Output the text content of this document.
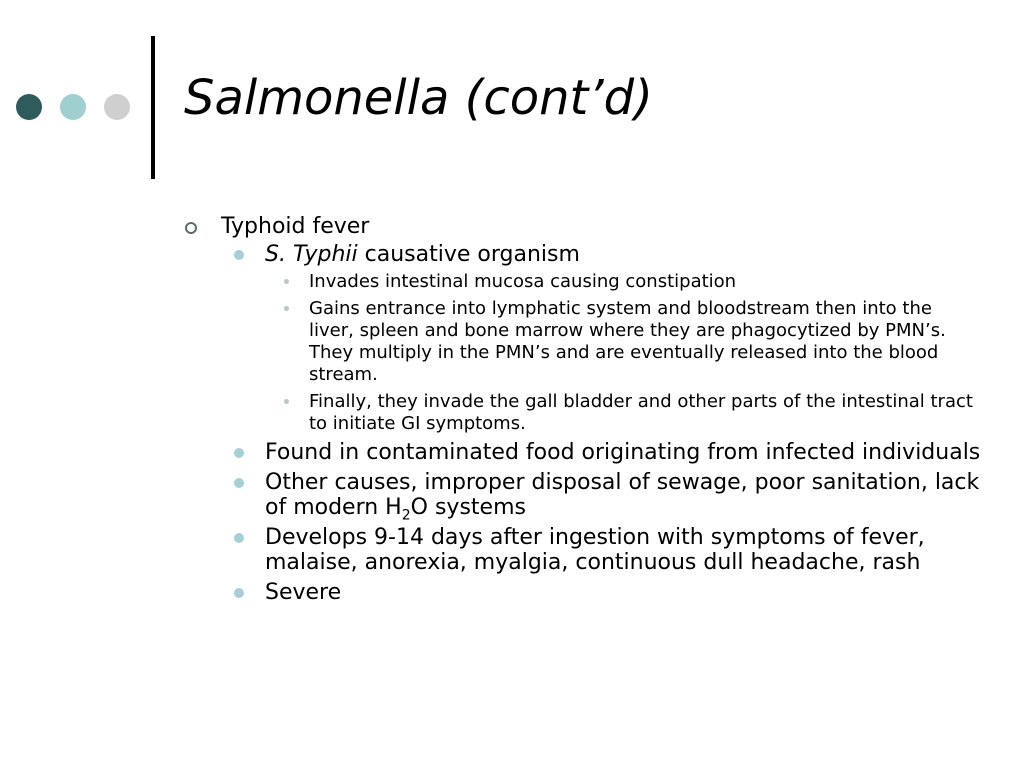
Salmonella (cont’d)
Typhoid fever
S. Typhii causative organism
Invades intestinal mucosa causing constipation
Gains entrance into lymphatic system and bloodstream then into the liver, spleen and bone marrow where they are phagocytized by PMN’s. They multiply in the PMN’s and are eventually released into the blood stream.
Finally, they invade the gall bladder and other parts of the intestinal tract to initiate GI symptoms.
Found in contaminated food originating from infected individuals
Other causes, improper disposal of sewage, poor sanitation, lack of modern $H_2O$ systems
Develops 9-14 days after ingestion with symptoms of fever, malaise, anorexia, myalgia, continuous dull headache, rash
Severe
